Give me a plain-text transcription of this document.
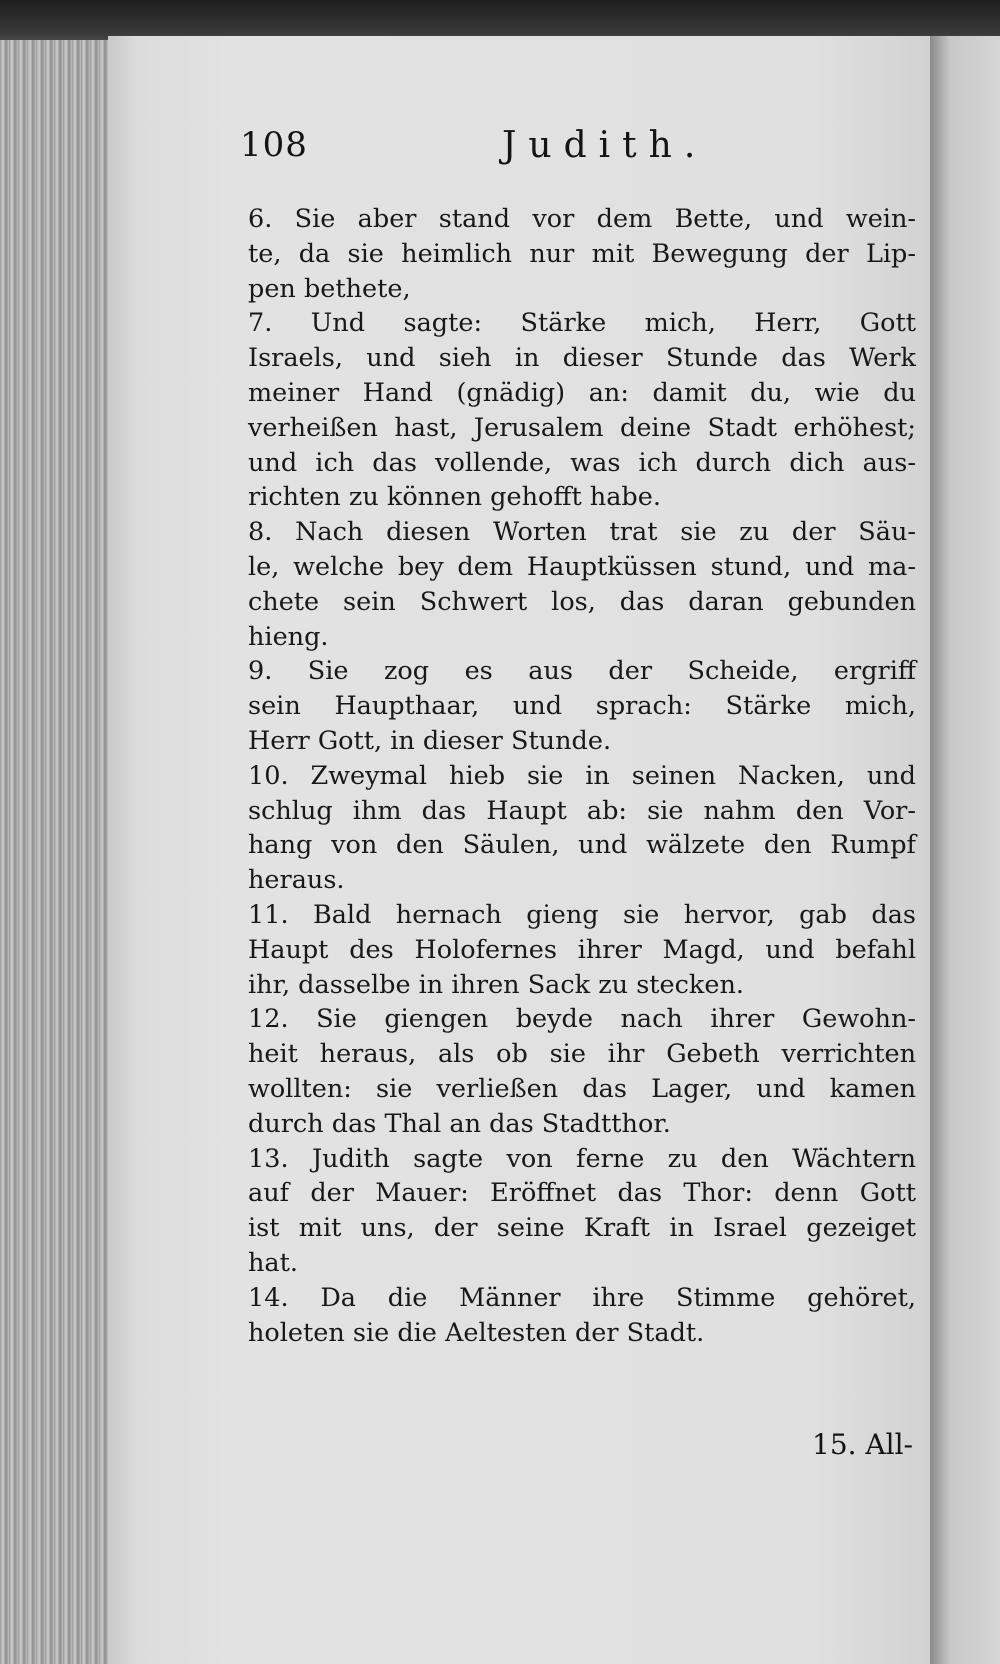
108	Judith.
6. Sie aber stand vor dem Bette, und wein-
te, da sie heimlich nur mit Bewegung der Lip-
pen bethete,
7. Und sagte: Stärke mich, Herr, Gott
Israels, und sieh in dieser Stunde das Werk
meiner Hand (gnädig) an: damit du, wie du
verheißen hast, Jerusalem deine Stadt erhöhest;
und ich das vollende, was ich durch dich aus-
richten zu können gehofft habe.
8. Nach diesen Worten trat sie zu der Säu-
le, welche bey dem Hauptküssen stund, und ma-
chete sein Schwert los, das daran gebunden
hieng.
9. Sie zog es aus der Scheide, ergriff
sein Haupthaar, und sprach: Stärke mich,
Herr Gott, in dieser Stunde.
10. Zweymal hieb sie in seinen Nacken, und
schlug ihm das Haupt ab: sie nahm den Vor-
hang von den Säulen, und wälzete den Rumpf
heraus.
11. Bald hernach gieng sie hervor, gab das
Haupt des Holofernes ihrer Magd, und befahl
ihr, dasselbe in ihren Sack zu stecken.
12. Sie giengen beyde nach ihrer Gewohn-
heit heraus, als ob sie ihr Gebeth verrichten
wollten: sie verließen das Lager, und kamen
durch das Thal an das Stadtthor.
13. Judith sagte von ferne zu den Wächtern
auf der Mauer: Eröffnet das Thor: denn Gott
ist mit uns, der seine Kraft in Israel gezeiget
hat.
14. Da die Männer ihre Stimme gehöret,
holeten sie die Aeltesten der Stadt.
15. All-
